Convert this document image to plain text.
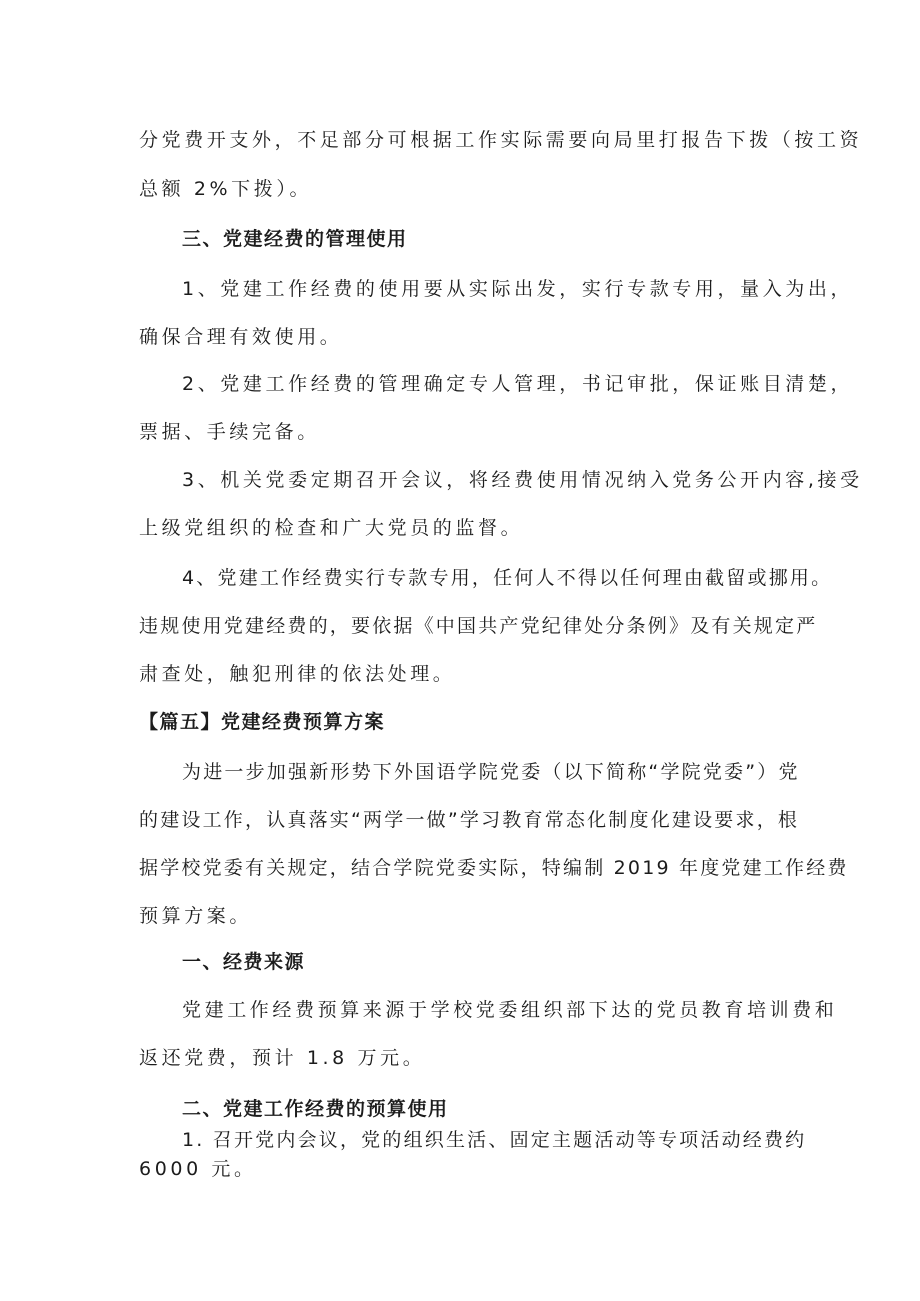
分党费开支外，不足部分可根据工作实际需要向局里打报告下拨（按工资
总额 2%下拨）。
三、党建经费的管理使用
1、党建工作经费的使用要从实际出发，实行专款专用，量入为出，
确保合理有效使用。
2、党建工作经费的管理确定专人管理，书记审批，保证账目清楚，
票据、手续完备。
3、机关党委定期召开会议，将经费使用情况纳入党务公开内容,接受
上级党组织的检查和广大党员的监督。
4、党建工作经费实行专款专用，任何人不得以任何理由截留或挪用。
违规使用党建经费的，要依据《中国共产党纪律处分条例》及有关规定严
肃查处，触犯刑律的依法处理。
【篇五】党建经费预算方案
为进一步加强新形势下外国语学院党委（以下简称“学院党委”）党
的建设工作，认真落实“两学一做”学习教育常态化制度化建设要求，根
据学校党委有关规定，结合学院党委实际，特编制 2019 年度党建工作经费
预算方案。
一、经费来源
党建工作经费预算来源于学校党委组织部下达的党员教育培训费和
返还党费，预计 1.8 万元。
二、党建工作经费的预算使用
1. 召开党内会议，党的组织生活、固定主题活动等专项活动经费约
6000 元。
